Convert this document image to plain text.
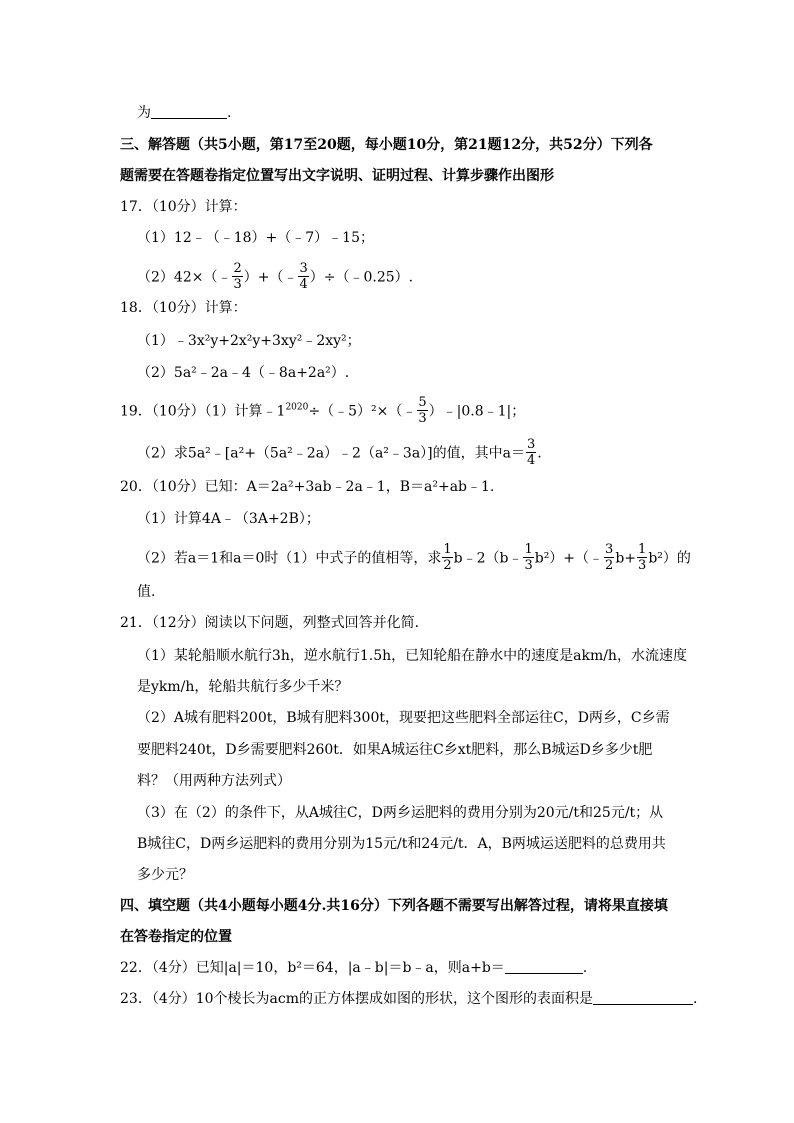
为	.
三、解答题（共5小题，第17至20题，每小题10分，第21题12分，共52分）下列各
题需要在答题卷指定位置写出文字说明、证明过程、计算步骤作出图形
17．（10分）计算：
（1）12﹣（﹣18）+（﹣7）﹣15；
（2）42×（﹣ $\frac{2}{3}$ ）+（﹣ $\frac{3}{4}$ ）÷（﹣0.25）.
18．（10分）计算：
（1）﹣3x²y+2x²y+3xy²﹣2xy²；
（2）5a²﹣2a﹣4（﹣8a+2a²）.
19．（10分）（1）计算$﹣1^{2020}\div(﹣5)^2\times(﹣ \frac{5}{3}$ ）﹣|0.8﹣1|；
（2）求5a²﹣[a²+（5a²﹣2a）﹣2（a²﹣3a）]的值，其中$a= \frac{3}{4}$ .
20．（10分）已知：A＝2a²+3ab﹣2a﹣1，B＝a²+ab﹣1.
（1）计算4A﹣（3A+2B）；
（2）若a＝1和a＝0时（1）中式子的值相等，求 $\frac{1}{2}$ b﹣2（b﹣ $\frac{1}{3}$ b²）+（﹣ $\frac{3}{2} b+ \frac{1}{3} b^2$）的
值.
21．（12分）阅读以下问题，列整式回答并化简．
（1）某轮船顺水航行3h，逆水航行1.5h，已知轮船在静水中的速度是akm/h，水流速度
是ykm/h，轮船共航行多少千米？
（2）A城有肥料200t，B城有肥料300t，现要把这些肥料全部运往C，D两乡，C乡需
要肥料240t，D乡需要肥料260t．如果A城运往C乡xt肥料，那么B城运D乡多少t肥
料？（用两种方法列式）
（3）在（2）的条件下，从A城往C，D两乡运肥料的费用分别为20元/t和25元/t；从
B城往C，D两乡运肥料的费用分别为15元/t和24元/t．A，B两城运送肥料的总费用共
多少元？
四、填空题（共4小题每小题4分.共16分）下列各题不需要写出解答过程，请将果直接填
在答卷指定的位置
22．（4分）已知|a|＝10，b²＝64，|a﹣b|＝b﹣a，则a+b＝	.
23．（4分）10个棱长为acm的正方体摆成如图的形状，这个图形的表面积是	.
